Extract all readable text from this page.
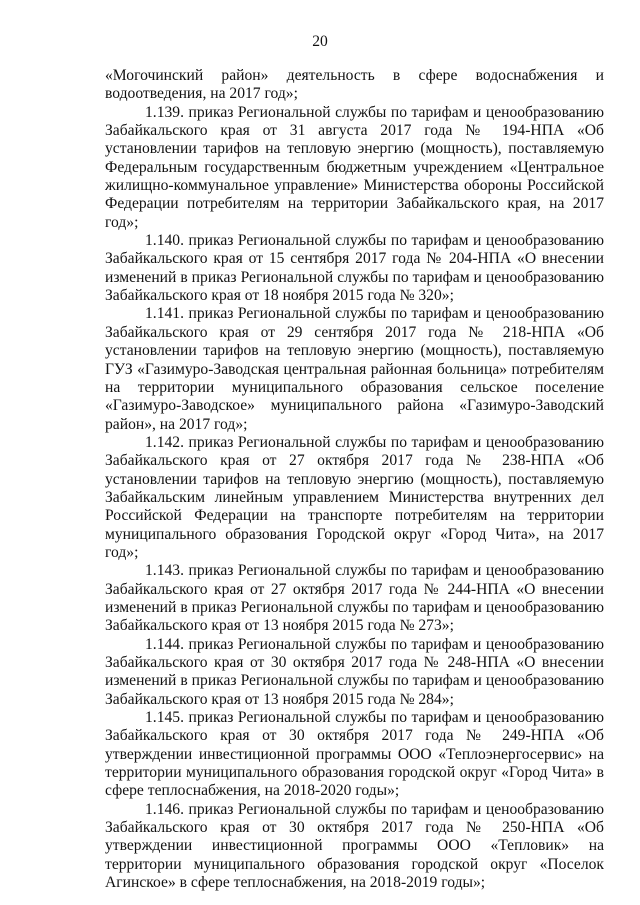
20

«Могочинский район» деятельность в сфере водоснабжения и водоотведения, на 2017 год»;

1.139. приказ Региональной службы по тарифам и ценообразованию Забайкальского края от 31 августа 2017 года № 194-НПА «Об установлении тарифов на тепловую энергию (мощность), поставляемую Федеральным государственным бюджетным учреждением «Центральное жилищно-коммунальное управление» Министерства обороны Российской Федерации потребителям на территории Забайкальского края, на 2017 год»;

1.140. приказ Региональной службы по тарифам и ценообразованию Забайкальского края от 15 сентября 2017 года № 204-НПА «О внесении изменений в приказ Региональной службы по тарифам и ценообразованию Забайкальского края от 18 ноября 2015 года № 320»;

1.141. приказ Региональной службы по тарифам и ценообразованию Забайкальского края от 29 сентября 2017 года № 218-НПА «Об установлении тарифов на тепловую энергию (мощность), поставляемую ГУЗ «Газимуро-Заводская центральная районная больница» потребителям на территории муниципального образования сельское поселение «Газимуро-Заводское» муниципального района «Газимуро-Заводский район», на 2017 год»;

1.142. приказ Региональной службы по тарифам и ценообразованию Забайкальского края от 27 октября 2017 года № 238-НПА «Об установлении тарифов на тепловую энергию (мощность), поставляемую Забайкальским линейным управлением Министерства внутренних дел Российской Федерации на транспорте потребителям на территории муниципального образования Городской округ «Город Чита», на 2017 год»;

1.143. приказ Региональной службы по тарифам и ценообразованию Забайкальского края от 27 октября 2017 года № 244-НПА «О внесении изменений в приказ Региональной службы по тарифам и ценообразованию Забайкальского края от 13 ноября 2015 года № 273»;

1.144. приказ Региональной службы по тарифам и ценообразованию Забайкальского края от 30 октября 2017 года № 248-НПА «О внесении изменений в приказ Региональной службы по тарифам и ценообразованию Забайкальского края от 13 ноября 2015 года № 284»;

1.145. приказ Региональной службы по тарифам и ценообразованию Забайкальского края от 30 октября 2017 года № 249-НПА «Об утверждении инвестиционной программы ООО «Теплоэнергосервис» на территории муниципального образования городской округ «Город Чита» в сфере теплоснабжения, на 2018-2020 годы»;

1.146. приказ Региональной службы по тарифам и ценообразованию Забайкальского края от 30 октября 2017 года № 250-НПА «Об утверждении инвестиционной программы ООО «Тепловик» на территории муниципального образования городской округ «Поселок Агинское» в сфере теплоснабжения, на 2018-2019 годы»;
